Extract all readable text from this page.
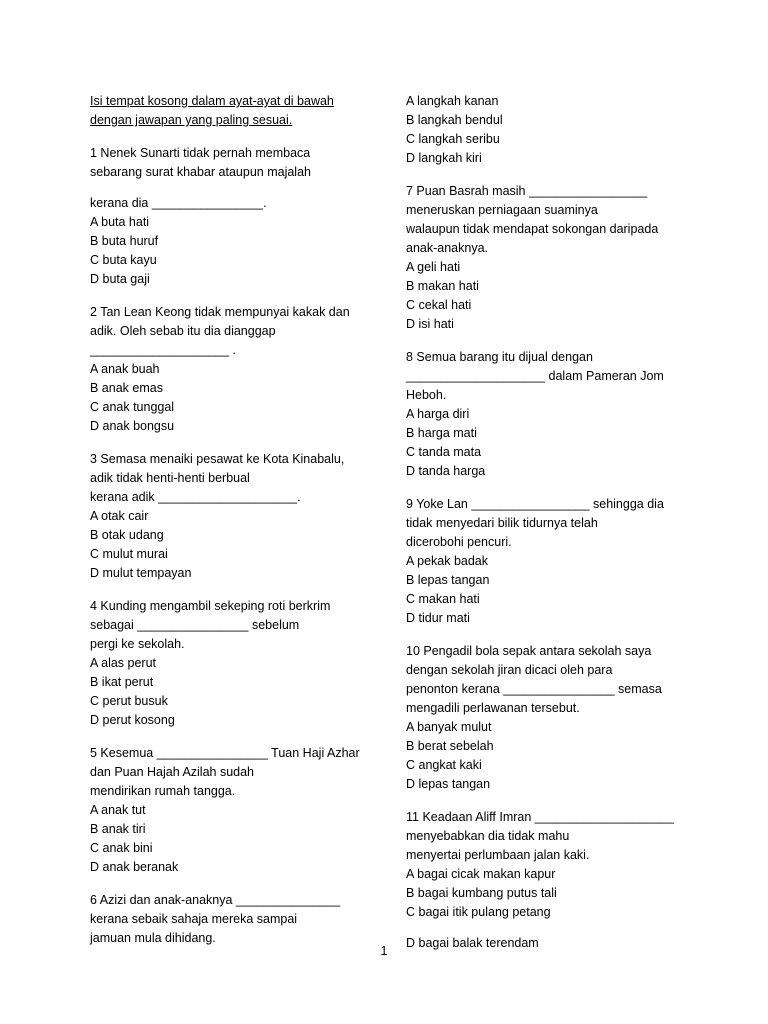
Isi tempat kosong dalam ayat-ayat di bawah
dengan jawapan yang paling sesuai.
1 Nenek Sunarti tidak pernah membaca
sebarang surat khabar ataupun majalah
kerana dia ________________.
A buta hati
B buta huruf
C buta kayu
D buta gaji
2 Tan Lean Keong tidak mempunyai kakak dan
adik. Oleh sebab itu dia dianggap
____________________ .
A anak buah
B anak emas
C anak tunggal
D anak bongsu
3 Semasa menaiki pesawat ke Kota Kinabalu,
adik tidak henti-henti berbual
kerana adik ____________________.
A otak cair
B otak udang
C mulut murai
D mulut tempayan
4 Kunding mengambil sekeping roti berkrim
sebagai ________________ sebelum
pergi ke sekolah.
A alas perut
B ikat perut
C perut busuk
D perut kosong
5 Kesemua ________________ Tuan Haji Azhar
dan Puan Hajah Azilah sudah
mendirikan rumah tangga.
A anak tut
B anak tiri
C anak bini
D anak beranak
6 Azizi dan anak-anaknya _______________
kerana sebaik sahaja mereka sampai
jamuan mula dihidang.
A langkah kanan
B langkah bendul
C langkah seribu
D langkah kiri
7 Puan Basrah masih _________________
meneruskan perniagaan suaminya
walaupun tidak mendapat sokongan daripada
anak-anaknya.
A geli hati
B makan hati
C cekal hati
D isi hati
8 Semua barang itu dijual dengan
____________________ dalam Pameran Jom
Heboh.
A harga diri
B harga mati
C tanda mata
D tanda harga
9 Yoke Lan _________________ sehingga dia
tidak menyedari bilik tidurnya telah
dicerobohi pencuri.
A pekak badak
B lepas tangan
C makan hati
D tidur mati
10 Pengadil bola sepak antara sekolah saya
dengan sekolah jiran dicaci oleh para
penonton kerana ________________ semasa
mengadili perlawanan tersebut.
A banyak mulut
B berat sebelah
C angkat kaki
D lepas tangan
11 Keadaan Aliff Imran ____________________
menyebabkan dia tidak mahu
menyertai perlumbaan jalan kaki.
A bagai cicak makan kapur
B bagai kumbang putus tali
C bagai itik pulang petang
D bagai balak terendam
1
